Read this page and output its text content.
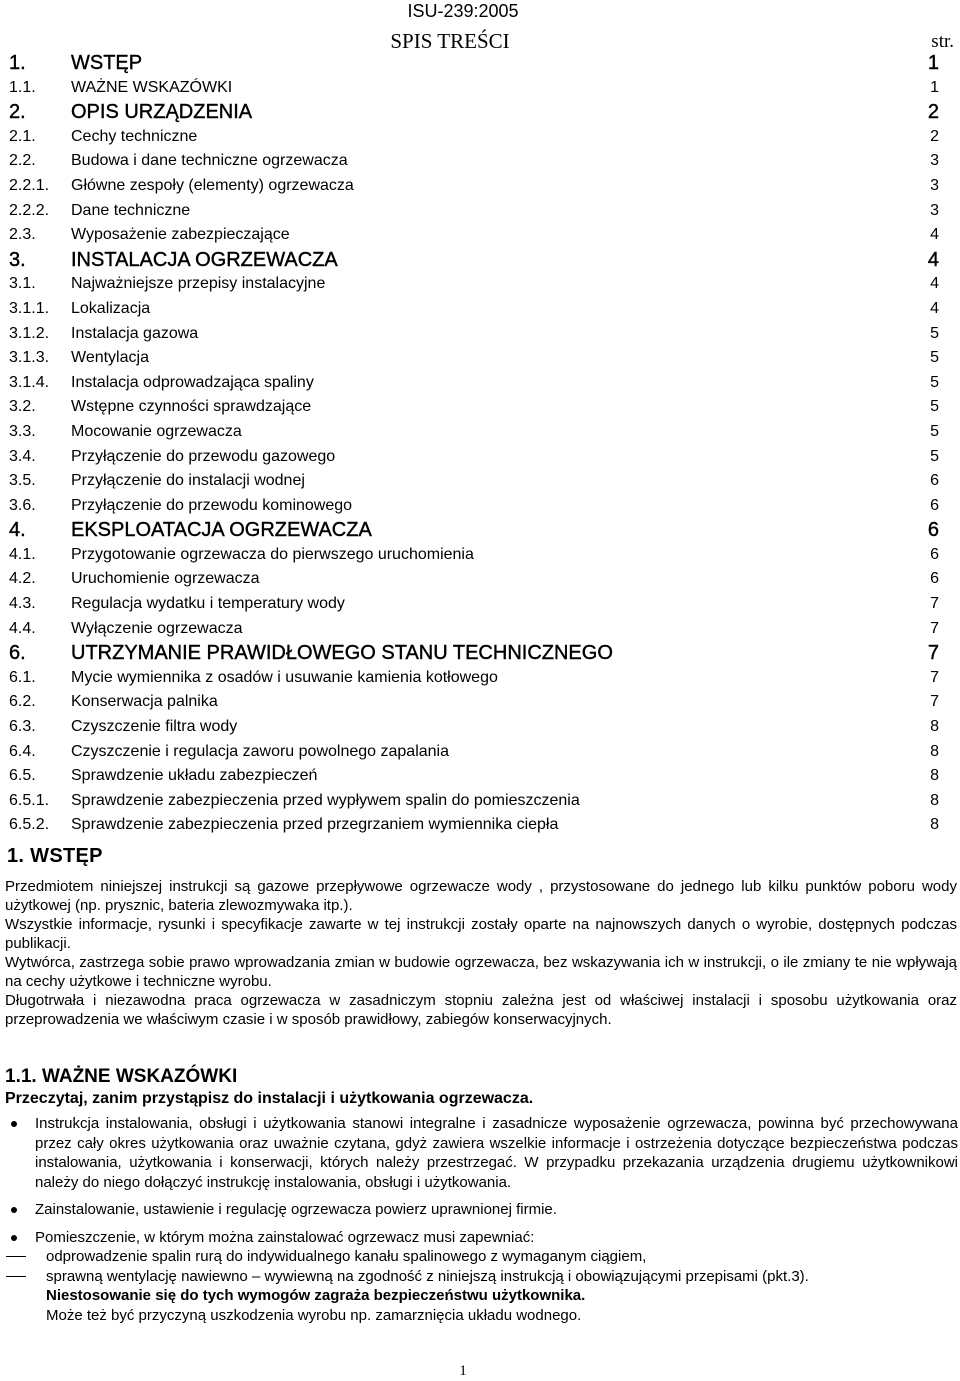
ISU-239:2005
SPIS TREŚCI	str.
1. WSTĘP	1
1.1. WAŻNE WSKAZÓWKI	1
2. OPIS URZĄDZENIA	2
2.1. Cechy techniczne	2
2.2. Budowa i dane techniczne ogrzewacza	3
2.2.1. Główne zespoły (elementy) ogrzewacza	3
2.2.2. Dane techniczne	3
2.3. Wyposażenie zabezpieczające	4
3. INSTALACJA OGRZEWACZA	4
3.1. Najważniejsze przepisy instalacyjne	4
3.1.1. Lokalizacja	4
3.1.2. Instalacja gazowa	5
3.1.3. Wentylacja	5
3.1.4. Instalacja odprowadzająca spaliny	5
3.2. Wstępne czynności sprawdzające	5
3.3. Mocowanie ogrzewacza	5
3.4. Przyłączenie do przewodu gazowego	5
3.5. Przyłączenie do instalacji wodnej	6
3.6. Przyłączenie do przewodu kominowego	6
4. EKSPLOATACJA OGRZEWACZA	6
4.1. Przygotowanie ogrzewacza do pierwszego uruchomienia	6
4.2. Uruchomienie ogrzewacza	6
4.3. Regulacja wydatku i temperatury wody	7
4.4. Wyłączenie ogrzewacza	7
6. UTRZYMANIE PRAWIDŁOWEGO STANU TECHNICZNEGO	7
6.1. Mycie wymiennika z osadów i usuwanie kamienia kotłowego	7
6.2. Konserwacja palnika	7
6.3. Czyszczenie filtra wody	8
6.4. Czyszczenie i regulacja zaworu powolnego zapalania	8
6.5. Sprawdzenie układu zabezpieczeń	8
6.5.1. Sprawdzenie zabezpieczenia przed wypływem spalin do pomieszczenia	8
6.5.2. Sprawdzenie zabezpieczenia przed przegrzaniem wymiennika ciepła	8
1. WSTĘP

Przedmiotem niniejszej instrukcji są gazowe przepływowe ogrzewacze wody , przystosowane do jednego lub kilku punktów poboru wody użytkowej (np. prysznic, bateria zlewozmywaka itp.).

Wszystkie informacje, rysunki i specyfikacje zawarte w tej instrukcji zostały oparte na najnowszych danych o wyrobie, dostępnych podczas publikacji.

Wytwórca, zastrzega sobie prawo wprowadzania zmian w budowie ogrzewacza, bez wskazywania ich w instrukcji, o ile zmiany te nie wpływają na cechy użytkowe i techniczne wyrobu.

Długotrwała i niezawodna praca ogrzewacza w zasadniczym stopniu zależna jest od właściwej instalacji i sposobu użytkowania oraz przeprowadzenia we właściwym czasie i w sposób prawidłowy, zabiegów konserwacyjnych.

1.1. WAŻNE WSKAZÓWKI
Przeczytaj, zanim przystąpisz do instalacji i użytkowania ogrzewacza.
Instrukcja instalowania, obsługi i użytkowania stanowi integralne i zasadnicze wyposażenie ogrzewacza, powinna być przechowywana przez cały okres użytkowania oraz uważnie czytana, gdyż zawiera wszelkie informacje i ostrzeżenia dotyczące bezpieczeństwa podczas instalowania, użytkowania i konserwacji, których należy przestrzegać. W przypadku przekazania urządzenia drugiemu użytkownikowi należy do niego dołączyć instrukcję instalowania, obsługi i użytkowania.
Zainstalowanie, ustawienie i regulację ogrzewacza powierz uprawnionej firmie.
Pomieszczenie, w którym można zainstalować ogrzewacz musi zapewniać:
odprowadzenie spalin rurą do indywidualnego kanału spalinowego z wymaganym ciągiem,
sprawną wentylację nawiewno – wywiewną na zgodność z niniejszą instrukcją i obowiązującymi przepisami (pkt.3).
Niestosowanie się do tych wymogów zagraża bezpieczeństwu użytkownika.
Może też być przyczyną uszkodzenia wyrobu np. zamarznięcia układu wodnego.
1
